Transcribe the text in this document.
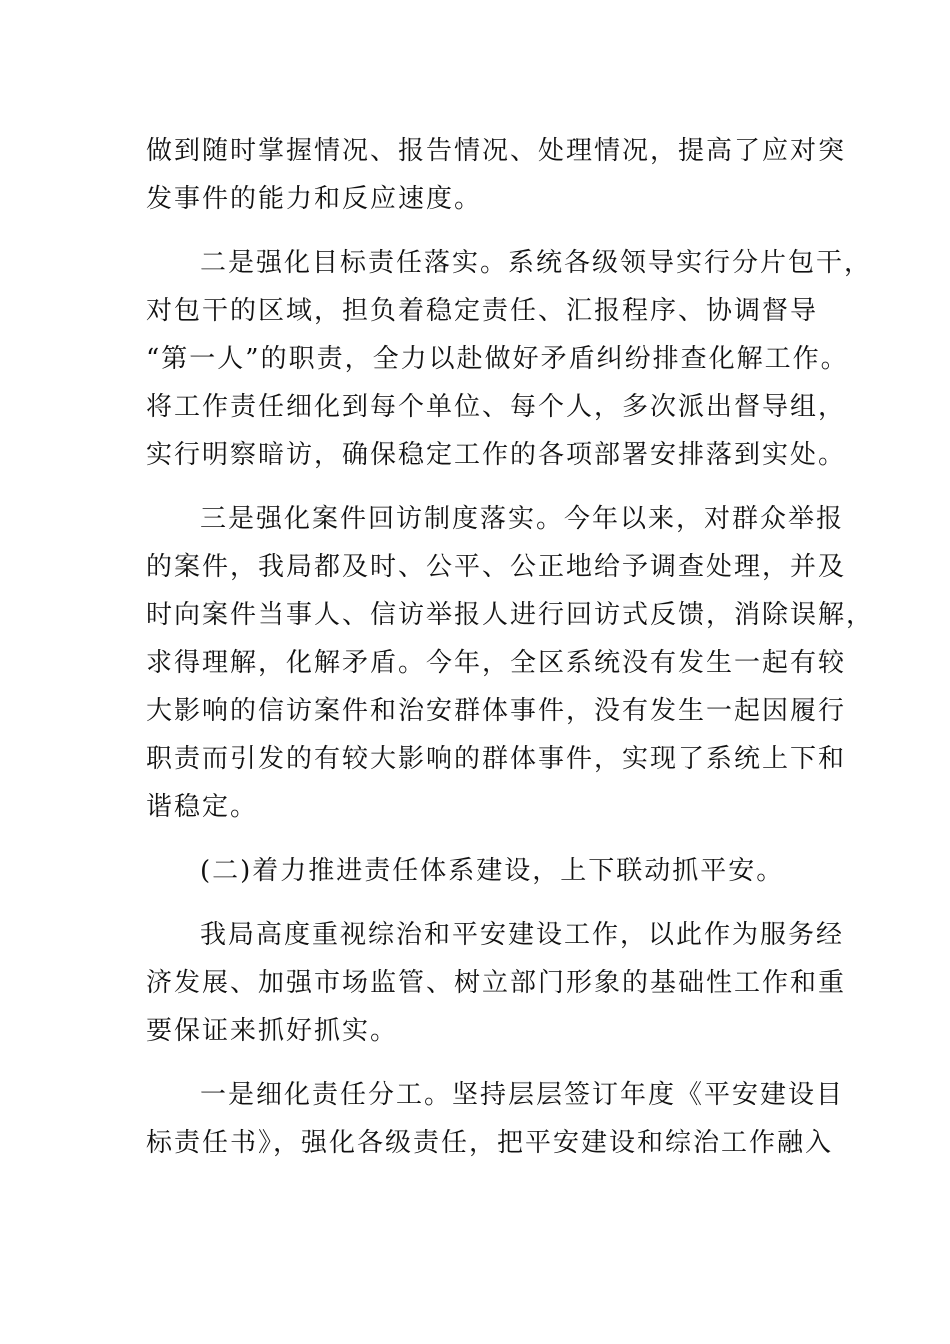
做到随时掌握情况、报告情况、处理情况，提高了应对突
发事件的能力和反应速度。
二是强化目标责任落实。系统各级领导实行分片包干，
对包干的区域，担负着稳定责任、汇报程序、协调督导
“第一人”的职责，全力以赴做好矛盾纠纷排查化解工作。
将工作责任细化到每个单位、每个人，多次派出督导组，
实行明察暗访，确保稳定工作的各项部署安排落到实处。
三是强化案件回访制度落实。今年以来，对群众举报
的案件，我局都及时、公平、公正地给予调查处理，并及
时向案件当事人、信访举报人进行回访式反馈，消除误解，
求得理解，化解矛盾。今年，全区系统没有发生一起有较
大影响的信访案件和治安群体事件，没有发生一起因履行
职责而引发的有较大影响的群体事件，实现了系统上下和
谐稳定。
(二)着力推进责任体系建设，上下联动抓平安。
我局高度重视综治和平安建设工作，以此作为服务经
济发展、加强市场监管、树立部门形象的基础性工作和重
要保证来抓好抓实。
一是细化责任分工。坚持层层签订年度《平安建设目
标责任书》，强化各级责任，把平安建设和综治工作融入
